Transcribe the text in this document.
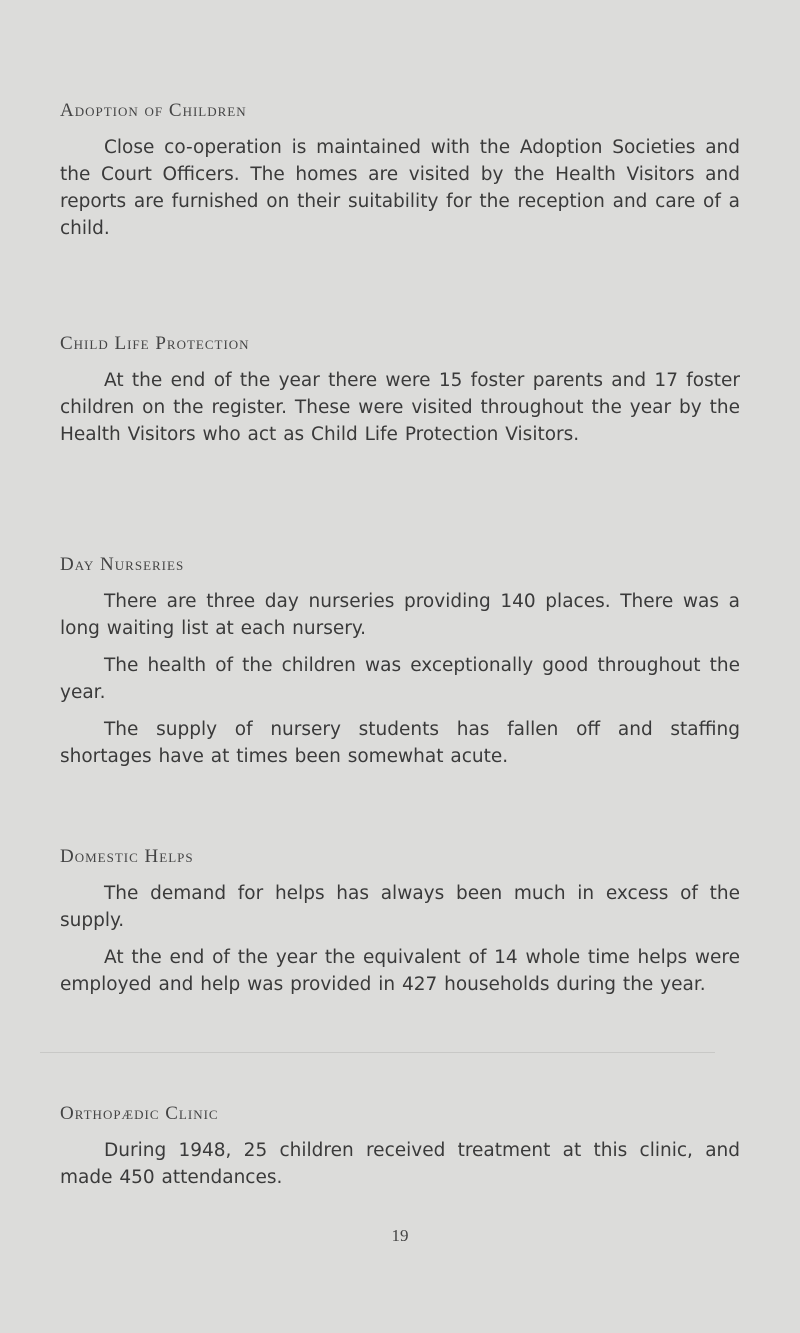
Adoption of Children

Close co-operation is maintained with the Adoption Societies and the Court Officers. The homes are visited by the Health Visitors and reports are furnished on their suitability for the reception and care of a child.

Child Life Protection

At the end of the year there were 15 foster parents and 17 foster children on the register. These were visited throughout the year by the Health Visitors who act as Child Life Protection Visitors.

Day Nurseries

There are three day nurseries providing 140 places. There was a long waiting list at each nursery.

The health of the children was exceptionally good throughout the year.

The supply of nursery students has fallen off and staffing shortages have at times been somewhat acute.

Domestic Helps

The demand for helps has always been much in excess of the supply.

At the end of the year the equivalent of 14 whole time helps were employed and help was provided in 427 households during the year.

Orthopædic Clinic

During 1948, 25 children received treatment at this clinic, and made 450 attendances.

19
